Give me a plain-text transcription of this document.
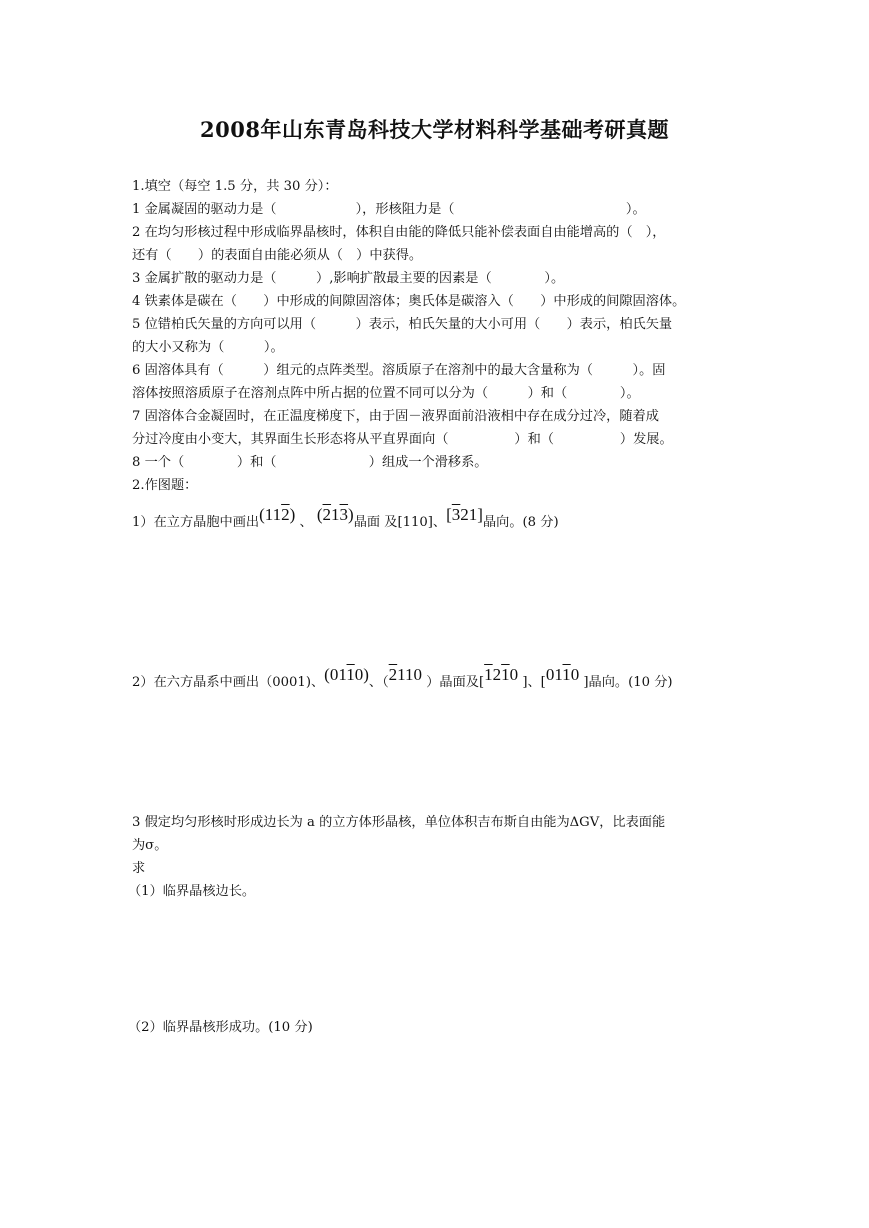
2008年山东青岛科技大学材料科学基础考研真题
1.填空（每空 1.5 分，共 30 分）：
1 金属凝固的驱动力是（　　　　　　），形核阻力是（　　　　　　　　　　　　　）。
2 在均匀形核过程中形成临界晶核时，体积自由能的降低只能补偿表面自由能增高的（　），
还有（　　）的表面自由能必须从（　）中获得。
3 金属扩散的驱动力是（　　　）,影响扩散最主要的因素是（　　　　）。
4 铁素体是碳在（　　）中形成的间隙固溶体；奥氏体是碳溶入（　　）中形成的间隙固溶体。
5 位错柏氏矢量的方向可以用（　　　）表示，柏氏矢量的大小可用（　　）表示，柏氏矢量
的大小又称为（　　　）。
6 固溶体具有（　　　）组元的点阵类型。溶质原子在溶剂中的最大含量称为（　　　）。固
溶体按照溶质原子在溶剂点阵中所占据的位置不同可以分为（　　　）和（　　　　）。
7 固溶体合金凝固时，在正温度梯度下，由于固－液界面前沿液相中存在成分过冷，随着成
分过冷度由小变大，其界面生长形态将从平直界面向（　　　　　）和（　　　　　）发展。
8 一个（　　　　）和（　　　　　　　）组成一个滑移系。
2.作图题：
1）在立方晶胞中画出(112) 、 (213)晶面 及[110]、[321]晶向。(8 分)
2）在六方晶系中画出（0001)、(0110)、（2110 ）晶面及[1210 ]、[0110 ]晶向。(10 分)
3 假定均匀形核时形成边长为 a 的立方体形晶核，单位体积吉布斯自由能为ΔGV，比表面能
为σ。
求
（1）临界晶核边长。
（2）临界晶核形成功。(10 分)
